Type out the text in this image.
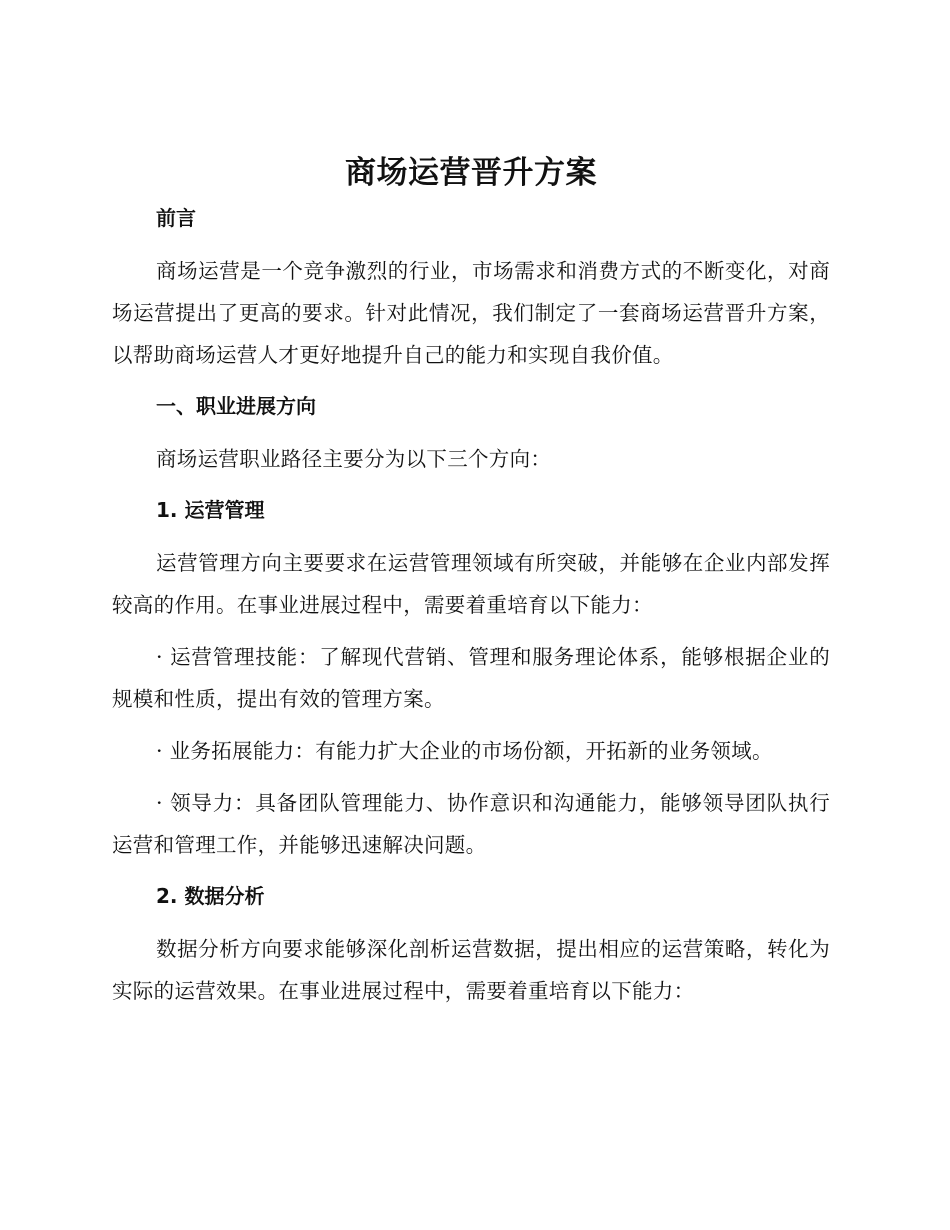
商场运营晋升方案
前言

商场运营是一个竞争激烈的行业，市场需求和消费方式的不断变化，对商场运营提出了更高的要求。针对此情况，我们制定了一套商场运营晋升方案，以帮助商场运营人才更好地提升自己的能力和实现自我价值。

一、职业进展方向

商场运营职业路径主要分为以下三个方向：

1. 运营管理

运营管理方向主要要求在运营管理领域有所突破，并能够在企业内部发挥较高的作用。在事业进展过程中，需要着重培育以下能力：

· 运营管理技能：了解现代营销、管理和服务理论体系，能够根据企业的规模和性质，提出有效的管理方案。

· 业务拓展能力：有能力扩大企业的市场份额，开拓新的业务领域。

· 领导力：具备团队管理能力、协作意识和沟通能力，能够领导团队执行运营和管理工作，并能够迅速解决问题。

2. 数据分析

数据分析方向要求能够深化剖析运营数据，提出相应的运营策略，转化为实际的运营效果。在事业进展过程中，需要着重培育以下能力：
